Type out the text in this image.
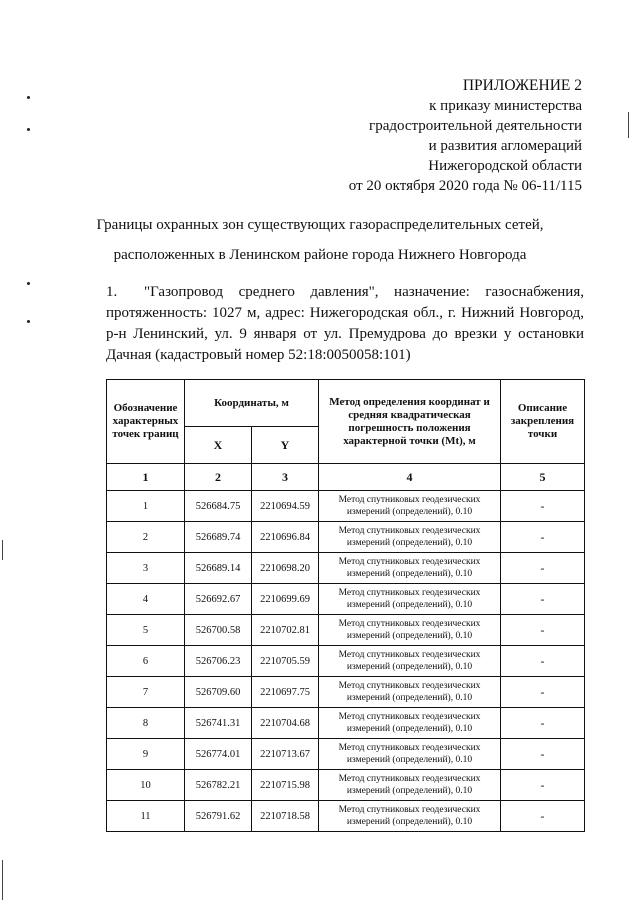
ПРИЛОЖЕНИЕ 2
к приказу министерства
градостроительной деятельности
и развития агломераций
Нижегородской области
от 20 октября 2020 года № 06-11/115
Границы охранных зон существующих газораспределительных сетей,
расположенных в Ленинском районе города Нижнего Новгорода
1. "Газопровод среднего давления", назначение: газоснабжения, протяженность: 1027 м, адрес: Нижегородская обл., г. Нижний Новгород, р-н Ленинский, ул. 9 января от ул. Премудрова до врезки у остановки Дачная (кадастровый номер 52:18:0050058:101)
Обозначение характерных точек границ	Координаты, м		Метод определения координат и средняя квадратическая погрешность положения характерной точки (Mt), м	Описание закрепления точки
	X	Y		
1	2	3	4	5
1	526684.75	2210694.59	Метод спутниковых геодезических измерений (определений), 0.10	-
2	526689.74	2210696.84	Метод спутниковых геодезических измерений (определений), 0.10	-
3	526689.14	2210698.20	Метод спутниковых геодезических измерений (определений), 0.10	-
4	526692.67	2210699.69	Метод спутниковых геодезических измерений (определений), 0.10	-
5	526700.58	2210702.81	Метод спутниковых геодезических измерений (определений), 0.10	-
6	526706.23	2210705.59	Метод спутниковых геодезических измерений (определений), 0.10	-
7	526709.60	2210697.75	Метод спутниковых геодезических измерений (определений), 0.10	-
8	526741.31	2210704.68	Метод спутниковых геодезических измерений (определений), 0.10	-
9	526774.01	2210713.67	Метод спутниковых геодезических измерений (определений), 0.10	-
10	526782.21	2210715.98	Метод спутниковых геодезических измерений (определений), 0.10	-
11	526791.62	2210718.58	Метод спутниковых геодезических измерений (определений), 0.10	-
